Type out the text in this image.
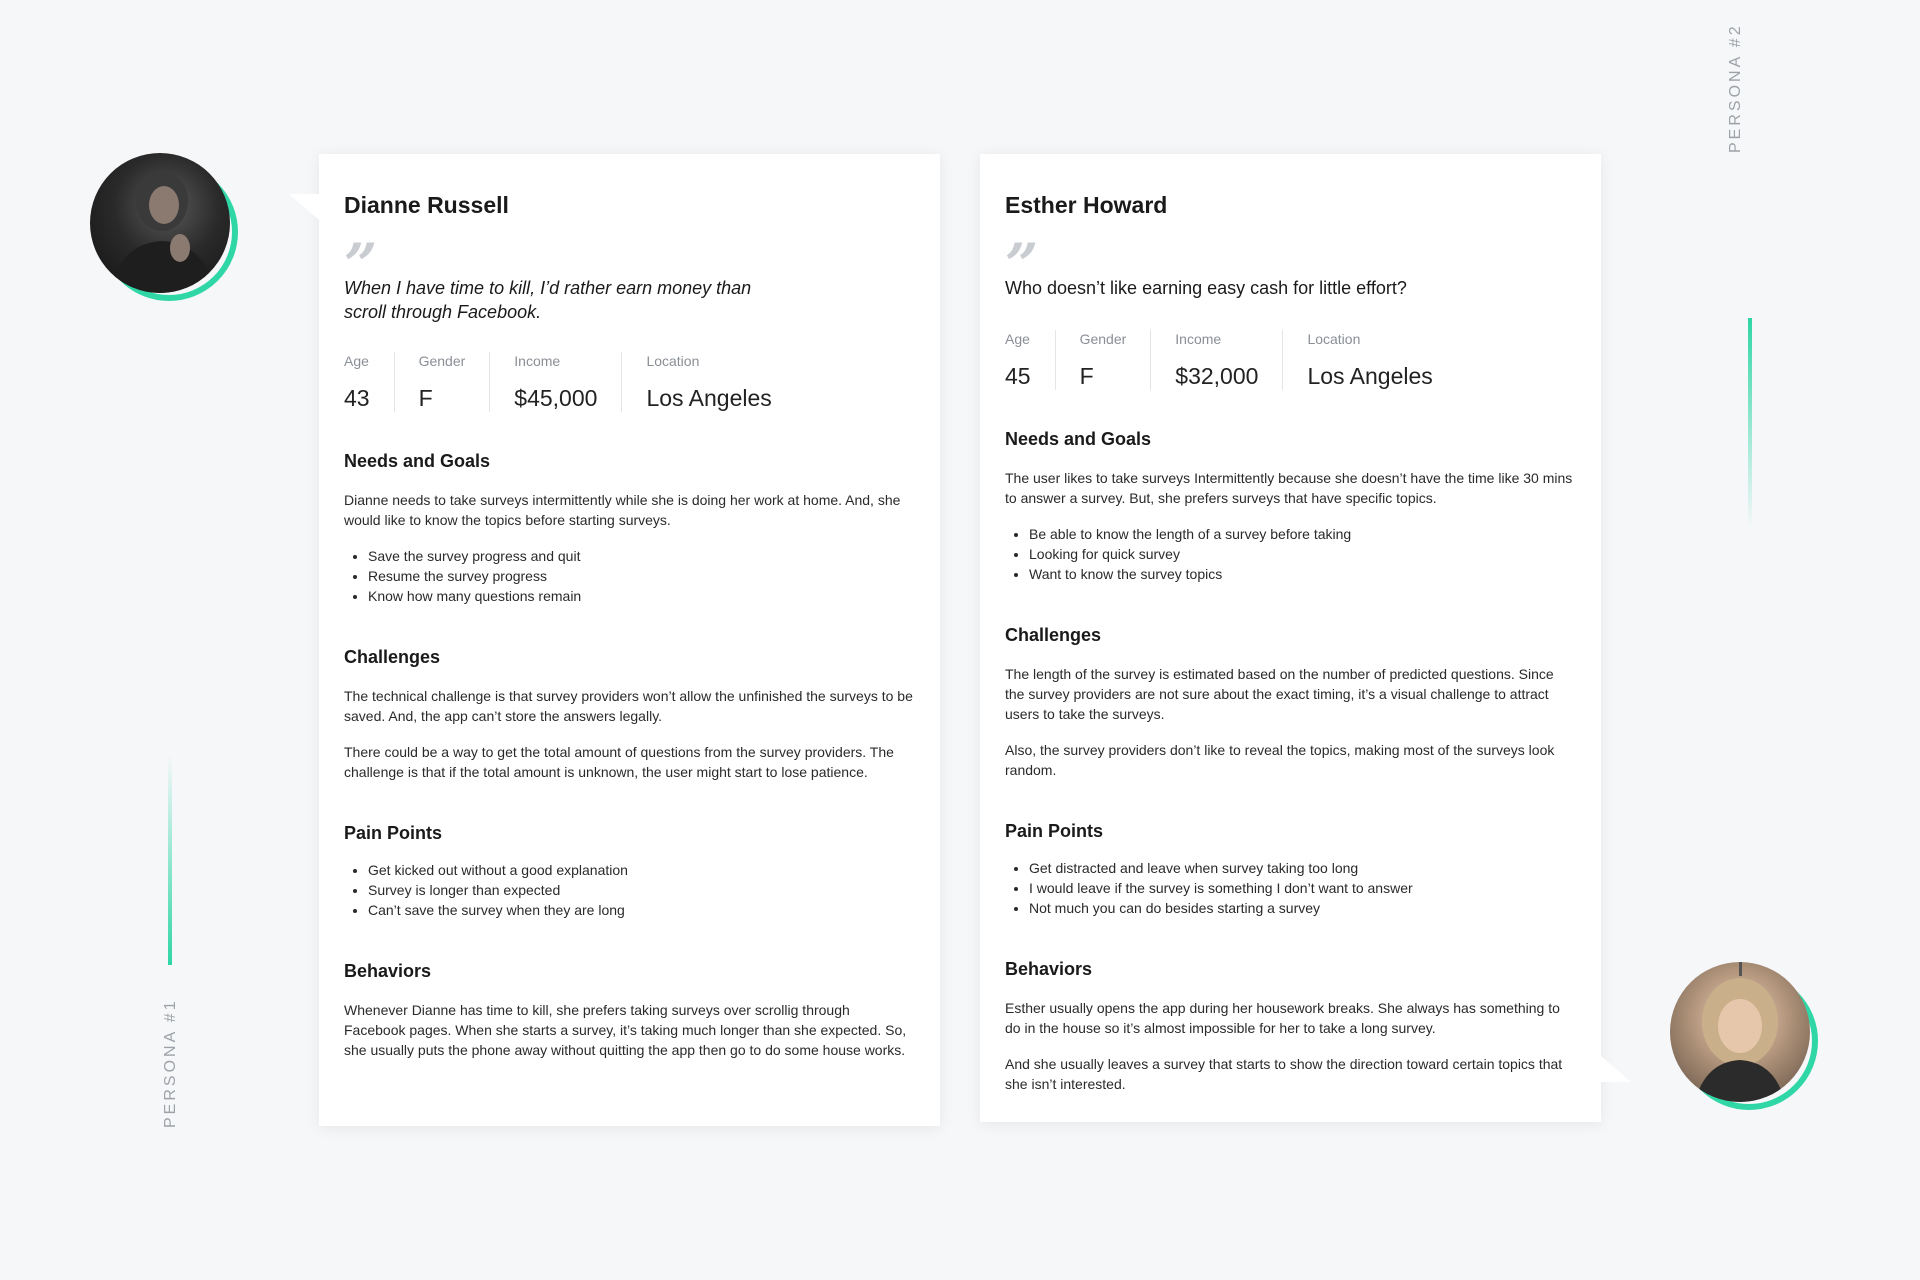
PERSONA #1
PERSONA #2
Dianne Russell
”

When I have time to kill, I’d rather earn money than scroll through Facebook.

Age
43
Gender
F
Income
$45,000
Location
Los Angeles
Needs and Goals

Dianne needs to take surveys intermittently while she is doing her work at home. And, she would like to know the topics before starting surveys.

• Save the survey progress and quit
• Resume the survey progress
• Know how many questions remain
Challenges

The technical challenge is that survey providers won’t allow the unfinished the surveys to be saved. And, the app can’t store the answers legally.

There could be a way to get the total amount of questions from the survey providers. The challenge is that if the total amount is unknown, the user might start to lose patience.

Pain Points
• Get kicked out without a good explanation
• Survey is longer than expected
• Can’t save the survey when they are long
Behaviors

Whenever Dianne has time to kill, she prefers taking surveys over scrollig through Facebook pages. When she starts a survey, it’s taking much longer than she expected. So, she usually puts the phone away without quitting the app then go to do some house works.

Esther Howard
”

Who doesn’t like earning easy cash for little effort?

Age
45
Gender
F
Income
$32,000
Location
Los Angeles
Needs and Goals

The user likes to take surveys Intermittently because she doesn’t have the time like 30 mins to answer a survey. But, she prefers surveys that have specific topics.

• Be able to know the length of a survey before taking
• Looking for quick survey
• Want to know the survey topics
Challenges

The length of the survey is estimated based on the number of predicted questions. Since the survey providers are not sure about the exact timing, it’s a visual challenge to attract users to take the surveys.

Also, the survey providers don’t like to reveal the topics, making most of the surveys look random.

Pain Points
• Get distracted and leave when survey taking too long
• I would leave if the survey is something I don’t want to answer
• Not much you can do besides starting a survey
Behaviors

Esther usually opens the app during her housework breaks. She always has something to do in the house so it’s almost impossible for her to take a long survey.

And she usually leaves a survey that starts to show the direction toward certain topics that she isn’t interested.
